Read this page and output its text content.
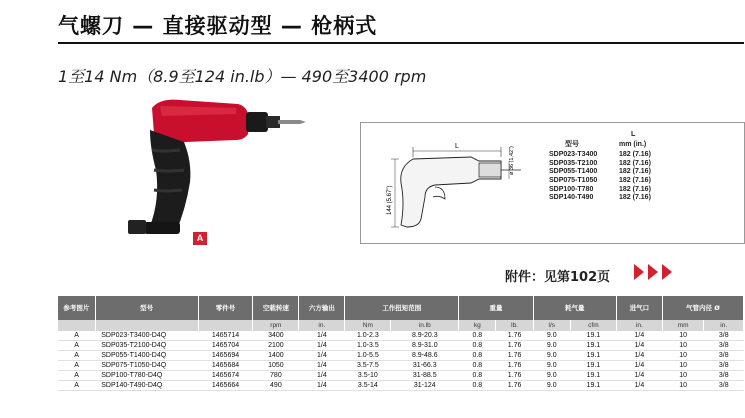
气螺刀 — 直接驱动型 — 枪柄式
1至14 Nm（8.9至124 in.lb）— 490至3400 rpm
A
L	ø 36 (1.42")
144 (5.67")
L
型号	mm (in.)
SDP023-T3400	182 (7.16)
SDP035-T2100	182 (7.16)
SDP055-T1400	182 (7.16)
SDP075-T1050	182 (7.16)
SDP100-T780	182 (7.16)
SDP140-T490	182 (7.16)
附件：见第102页
参考图片	型号	零件号	空载转速	六方输出	工作扭矩范围		重量		耗气量		进气口	气管内径 Ø	
			rpm	in.	Nm	in.lb	kg	lb.	l/s	cfm	in.	mm	in.
A	SDP023-T3400-D4Q	1465714	3400	1/4	1.0-2.3	8.9-20.3	0.8	1.76	9.0	19.1	1/4	10	3/8
A	SDP035-T2100-D4Q	1465704	2100	1/4	1.0-3.5	8.9-31.0	0.8	1.76	9.0	19.1	1/4	10	3/8
A	SDP055-T1400-D4Q	1465694	1400	1/4	1.0-5.5	8.9-48.6	0.8	1.76	9.0	19.1	1/4	10	3/8
A	SDP075-T1050-D4Q	1465684	1050	1/4	3.5-7.5	31-66.3	0.8	1.76	9.0	19.1	1/4	10	3/8
A	SDP100-T780-D4Q	1465674	780	1/4	3.5-10	31-88.5	0.8	1.76	9.0	19.1	1/4	10	3/8
A	SDP140-T490-D4Q	1465664	490	1/4	3.5-14	31-124	0.8	1.76	9.0	19.1	1/4	10	3/8
